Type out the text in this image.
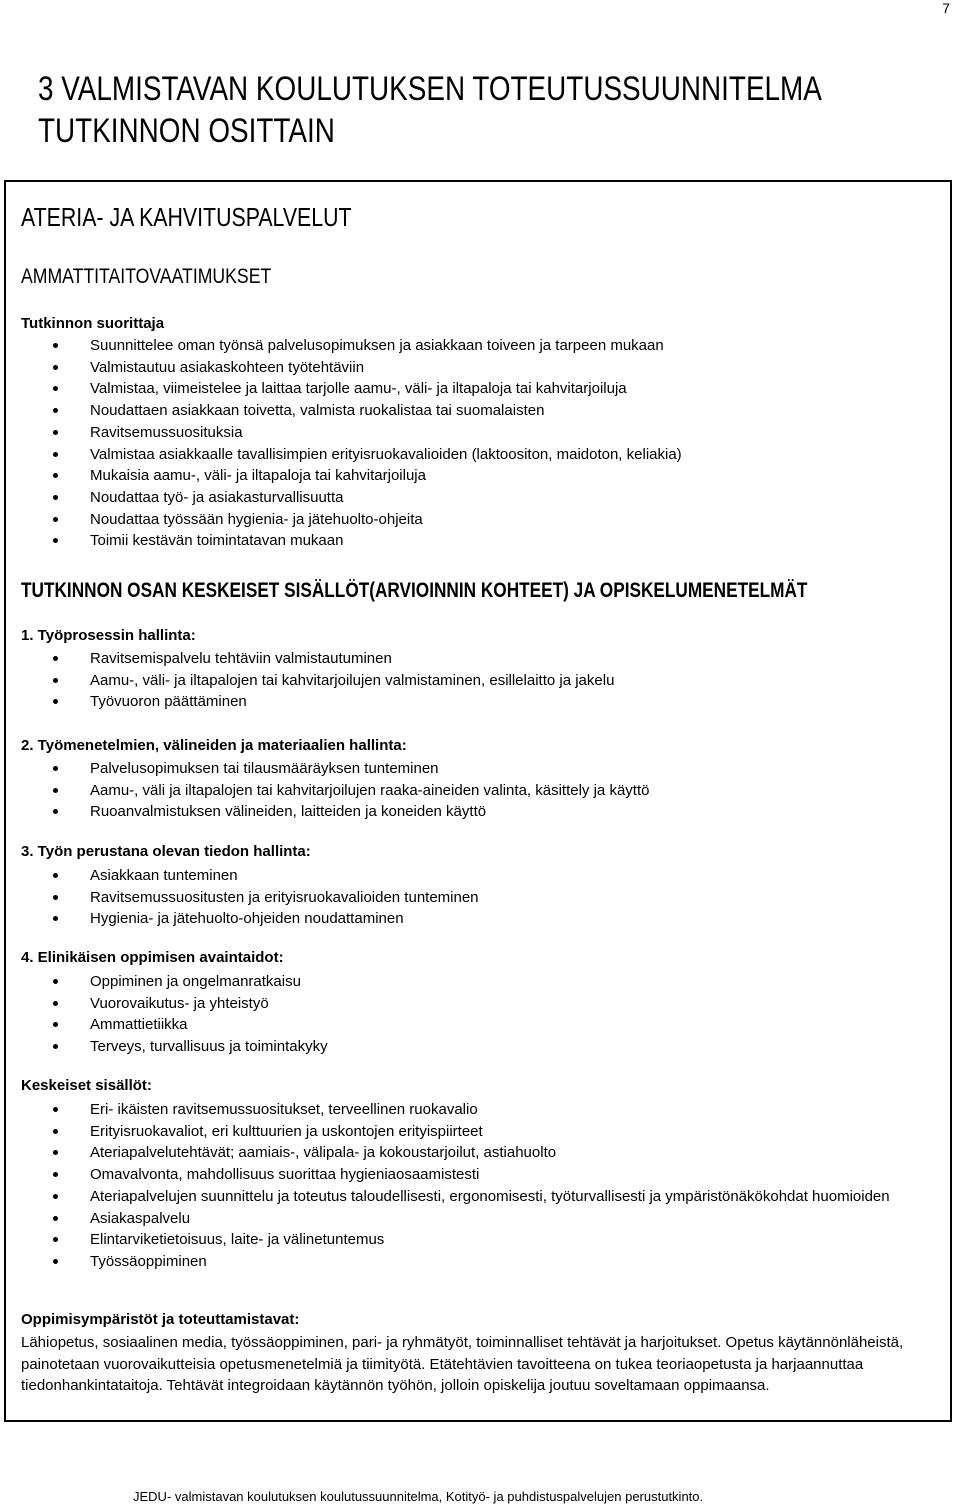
7
3 VALMISTAVAN KOULUTUKSEN TOTEUTUSSUUNNITELMA
TUTKINNON OSITTAIN
ATERIA- JA KAHVITUSPALVELUT
AMMATTITAITOVAATIMUKSET
Tutkinnon suorittaja
Suunnittelee oman työnsä palvelusopimuksen ja asiakkaan toiveen ja tarpeen mukaan
Valmistautuu asiakaskohteen työtehtäviin
Valmistaa, viimeistelee ja laittaa tarjolle aamu-, väli- ja iltapaloja tai kahvitarjoiluja
Noudattaen asiakkaan toivetta, valmista ruokalistaa tai suomalaisten
Ravitsemussuosituksia
Valmistaa asiakkaalle tavallisimpien erityisruokavalioiden (laktoositon, maidoton, keliakia)
Mukaisia aamu-, väli- ja iltapaloja tai kahvitarjoiluja
Noudattaa työ- ja asiakasturvallisuutta
Noudattaa työssään hygienia- ja jätehuolto-ohjeita
Toimii kestävän toimintatavan mukaan
TUTKINNON OSAN KESKEISET SISÄLLÖT(ARVIOINNIN KOHTEET) JA OPISKELUMENETELMÄT
1. Työprosessin hallinta:
Ravitsemispalvelu tehtäviin valmistautuminen
Aamu-, väli- ja iltapalojen tai kahvitarjoilujen valmistaminen, esillelaitto ja jakelu
Työvuoron päättäminen
2. Työmenetelmien, välineiden ja materiaalien hallinta:
Palvelusopimuksen tai tilausmääräyksen tunteminen
Aamu-, väli ja iltapalojen tai kahvitarjoilujen raaka-aineiden valinta, käsittely ja käyttö
Ruoanvalmistuksen välineiden, laitteiden ja koneiden käyttö
3. Työn perustana olevan tiedon hallinta:
Asiakkaan tunteminen
Ravitsemussuositusten ja erityisruokavalioiden tunteminen
Hygienia- ja jätehuolto-ohjeiden noudattaminen
4. Elinikäisen oppimisen avaintaidot:
Oppiminen ja ongelmanratkaisu
Vuorovaikutus- ja yhteistyö
Ammattietiikka
Terveys, turvallisuus ja toimintakyky
Keskeiset sisällöt:
Eri- ikäisten ravitsemussuositukset, terveellinen ruokavalio
Erityisruokavaliot, eri kulttuurien ja uskontojen erityispiirteet
Ateriapalvelutehtävät; aamiais-, välipala- ja kokoustarjoilut, astiahuolto
Omavalvonta, mahdollisuus suorittaa hygieniaosaamistesti
Ateriapalvelujen suunnittelu ja toteutus taloudellisesti, ergonomisesti, työturvallisesti ja ympäristönäkökohdat huomioiden
Asiakaspalvelu
Elintarviketietoisuus, laite- ja välinetuntemus
Työssäoppiminen
Oppimisympäristöt ja toteuttamistavat:

Lähiopetus, sosiaalinen media, työssäoppiminen, pari- ja ryhmätyöt, toiminnalliset tehtävät ja harjoitukset. Opetus käytännönläheistä, painotetaan vuorovaikutteisia opetusmenetelmiä ja tiimityötä. Etätehtävien tavoitteena on tukea teoriaopetusta ja harjaannuttaa tiedonhankintataitoja. Tehtävät integroidaan käytännön työhön, jolloin opiskelija joutuu soveltamaan oppimaansa.

JEDU- valmistavan koulutuksen koulutussuunnitelma, Kotityö- ja puhdistuspalvelujen perustutkinto.
